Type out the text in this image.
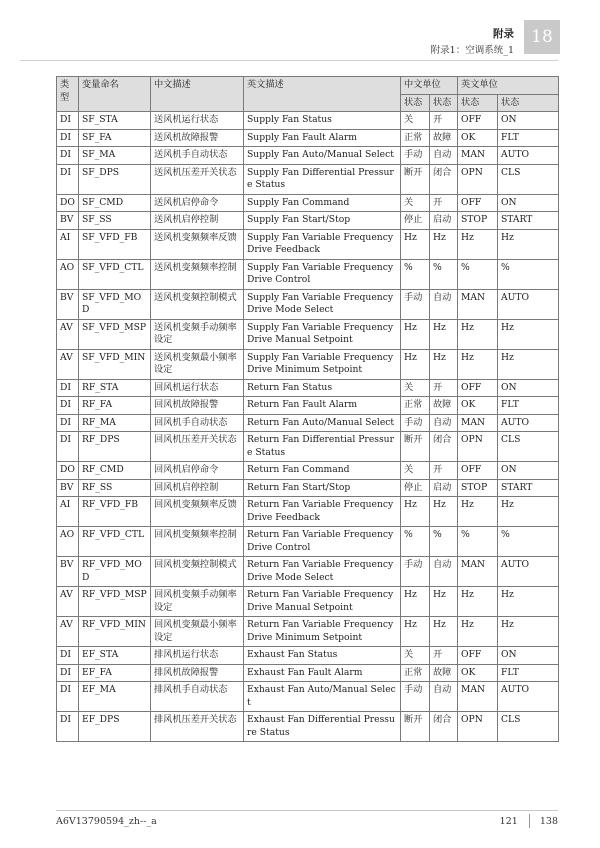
附录
附录1：空调系统_1
18
类型	变量命名	中文描述	英文描述	中文单位		英文单位	
				状态	状态	状态	状态
DI	SF_STA	送风机运行状态	Supply Fan Status	关	开	OFF	ON
DI	SF_FA	送风机故障报警	Supply Fan Fault Alarm	正常	故障	OK	FLT
DI	SF_MA	送风机手自动状态	Supply Fan Auto/Manual Select	手动	自动	MAN	AUTO
DI	SF_DPS	送风机压差开关状态	Supply Fan Differential Pressure Status	断开	闭合	OPN	CLS
DO	SF_CMD	送风机启停命令	Supply Fan Command	关	开	OFF	ON
BV	SF_SS	送风机启停控制	Supply Fan Start/Stop	停止	启动	STOP	START
AI	SF_VFD_FB	送风机变频频率反馈	Supply Fan Variable Frequency Drive Feedback	Hz	Hz	Hz	Hz
AO	SF_VFD_CTL	送风机变频频率控制	Supply Fan Variable Frequency Drive Control	%	%	%	%
BV	SF_VFD_MOD	送风机变频控制模式	Supply Fan Variable Frequency Drive Mode Select	手动	自动	MAN	AUTO
AV	SF_VFD_MSP	送风机变频手动频率设定	Supply Fan Variable Frequency Drive Manual Setpoint	Hz	Hz	Hz	Hz
AV	SF_VFD_MIN	送风机变频最小频率设定	Supply Fan Variable Frequency Drive Minimum Setpoint	Hz	Hz	Hz	Hz
DI	RF_STA	回风机运行状态	Return Fan Status	关	开	OFF	ON
DI	RF_FA	回风机故障报警	Return Fan Fault Alarm	正常	故障	OK	FLT
DI	RF_MA	回风机手自动状态	Return Fan Auto/Manual Select	手动	自动	MAN	AUTO
DI	RF_DPS	回风机压差开关状态	Return Fan Differential Pressure Status	断开	闭合	OPN	CLS
DO	RF_CMD	回风机启停命令	Return Fan Command	关	开	OFF	ON
BV	RF_SS	回风机启停控制	Return Fan Start/Stop	停止	启动	STOP	START
AI	RF_VFD_FB	回风机变频频率反馈	Return Fan Variable Frequency Drive Feedback	Hz	Hz	Hz	Hz
AO	RF_VFD_CTL	回风机变频频率控制	Return Fan Variable Frequency Drive Control	%	%	%	%
BV	RF_VFD_MOD	回风机变频控制模式	Return Fan Variable Frequency Drive Mode Select	手动	自动	MAN	AUTO
AV	RF_VFD_MSP	回风机变频手动频率设定	Return Fan Variable Frequency Drive Manual Setpoint	Hz	Hz	Hz	Hz
AV	RF_VFD_MIN	回风机变频最小频率设定	Return Fan Variable Frequency Drive Minimum Setpoint	Hz	Hz	Hz	Hz
DI	EF_STA	排风机运行状态	Exhaust Fan Status	关	开	OFF	ON
DI	EF_FA	排风机故障报警	Exhaust Fan Fault Alarm	正常	故障	OK	FLT
DI	EF_MA	排风机手自动状态	Exhaust Fan Auto/Manual Select	手动	自动	MAN	AUTO
DI	EF_DPS	排风机压差开关状态	Exhaust Fan Differential Pressure Status	断开	闭合	OPN	CLS
A6V13790594_zh--_a	121 138
